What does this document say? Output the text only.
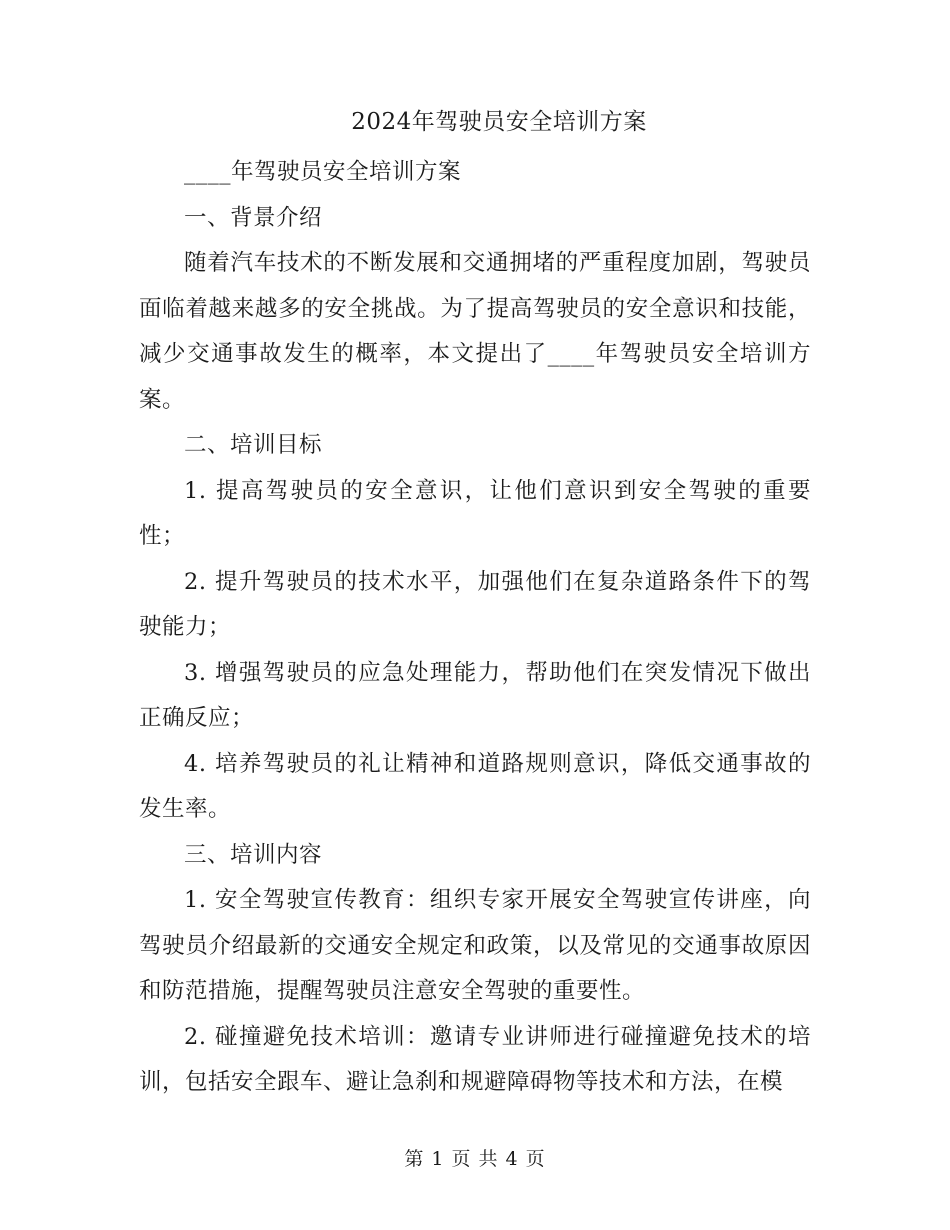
2024年驾驶员安全培训方案

____年驾驶员安全培训方案

一、背景介绍

随着汽车技术的不断发展和交通拥堵的严重程度加剧，驾驶员面临着越来越多的安全挑战。为了提高驾驶员的安全意识和技能，减少交通事故发生的概率，本文提出了____年驾驶员安全培训方案。

二、培训目标

1. 提高驾驶员的安全意识，让他们意识到安全驾驶的重要性；

2. 提升驾驶员的技术水平，加强他们在复杂道路条件下的驾驶能力；

3. 增强驾驶员的应急处理能力，帮助他们在突发情况下做出正确反应；

4. 培养驾驶员的礼让精神和道路规则意识，降低交通事故的发生率。

三、培训内容

1. 安全驾驶宣传教育：组织专家开展安全驾驶宣传讲座，向驾驶员介绍最新的交通安全规定和政策，以及常见的交通事故原因和防范措施，提醒驾驶员注意安全驾驶的重要性。

2. 碰撞避免技术培训：邀请专业讲师进行碰撞避免技术的培训，包括安全跟车、避让急刹和规避障碍物等技术和方法，在模

第 1 页 共 4 页
